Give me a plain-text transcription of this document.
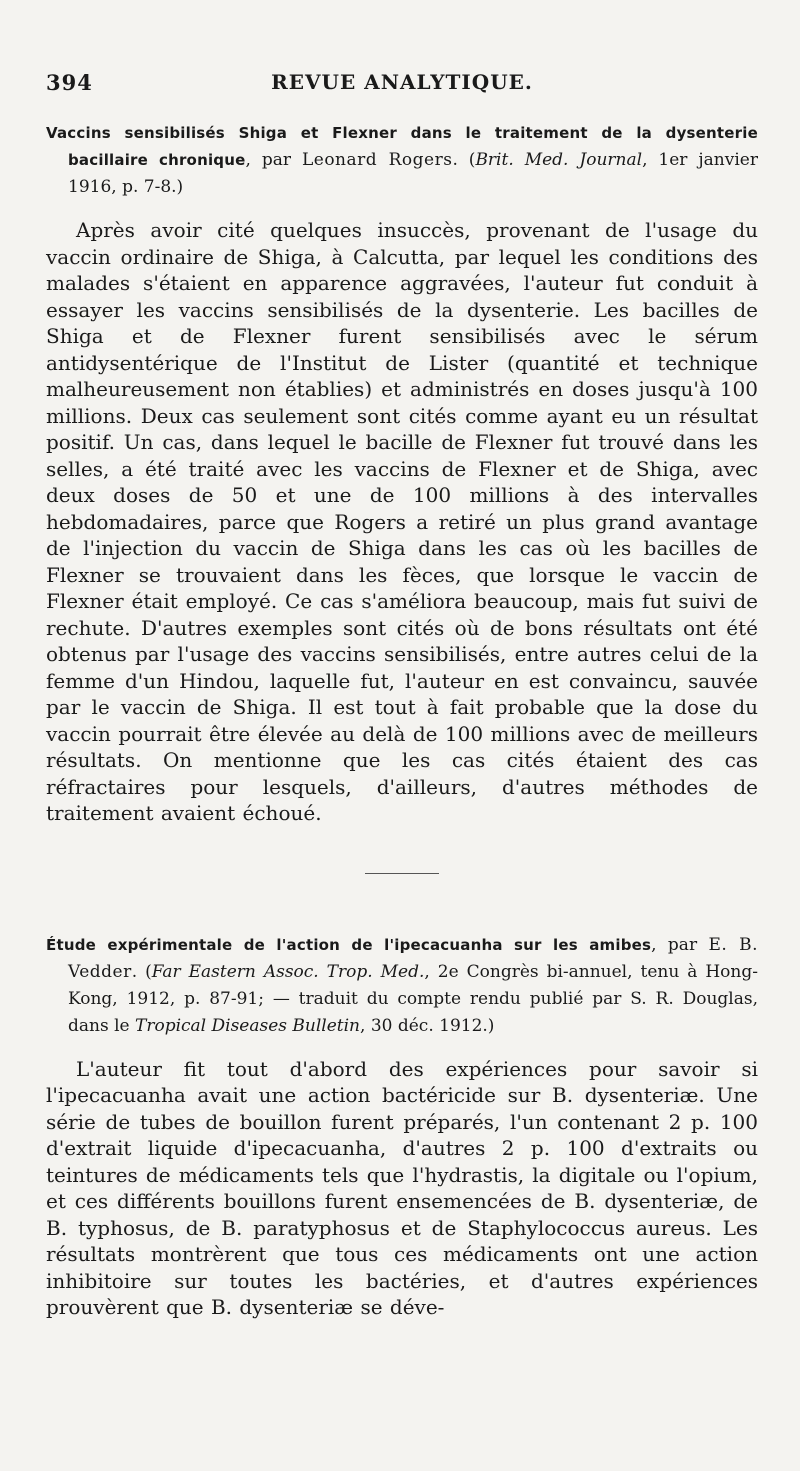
394	REVUE ANALYTIQUE.

Vaccins sensibilisés Shiga et Flexner dans le traitement de la dysenterie bacillaire chronique, par Leonard Rogers. (Brit. Med. Journal, 1er janvier 1916, p. 7-8.)

Après avoir cité quelques insuccès, provenant de l'usage du vaccin ordinaire de Shiga, à Calcutta, par lequel les conditions des malades s'étaient en apparence aggravées, l'auteur fut conduit à essayer les vaccins sensibilisés de la dysenterie. Les bacilles de Shiga et de Flexner furent sensibilisés avec le sérum antidysentérique de l'Institut de Lister (quantité et technique malheureusement non établies) et administrés en doses jusqu'à 100 millions. Deux cas seulement sont cités comme ayant eu un résultat positif. Un cas, dans lequel le bacille de Flexner fut trouvé dans les selles, a été traité avec les vaccins de Flexner et de Shiga, avec deux doses de 50 et une de 100 millions à des intervalles hebdomadaires, parce que Rogers a retiré un plus grand avantage de l'injection du vaccin de Shiga dans les cas où les bacilles de Flexner se trouvaient dans les fèces, que lorsque le vaccin de Flexner était employé. Ce cas s'améliora beaucoup, mais fut suivi de rechute. D'autres exemples sont cités où de bons résultats ont été obtenus par l'usage des vaccins sensibilisés, entre autres celui de la femme d'un Hindou, laquelle fut, l'auteur en est convaincu, sauvée par le vaccin de Shiga. Il est tout à fait probable que la dose du vaccin pourrait être élevée au delà de 100 millions avec de meilleurs résultats. On mentionne que les cas cités étaient des cas réfractaires pour lesquels, d'ailleurs, d'autres méthodes de traitement avaient échoué.

Étude expérimentale de l'action de l'ipecacuanha sur les amibes, par E. B. Vedder. (Far Eastern Assoc. Trop. Med., 2e Congrès bi-annuel, tenu à Hong-Kong, 1912, p. 87-91; — traduit du compte rendu publié par S. R. Douglas, dans le Tropical Diseases Bulletin, 30 déc. 1912.)

L'auteur fit tout d'abord des expériences pour savoir si l'ipecacuanha avait une action bactéricide sur B. dysenteriæ. Une série de tubes de bouillon furent préparés, l'un contenant 2 p. 100 d'extrait liquide d'ipecacuanha, d'autres 2 p. 100 d'extraits ou teintures de médicaments tels que l'hydrastis, la digitale ou l'opium, et ces différents bouillons furent ensemencées de B. dysenteriæ, de B. typhosus, de B. paratyphosus et de Staphylococcus aureus. Les résultats montrèrent que tous ces médicaments ont une action inhibitoire sur toutes les bactéries, et d'autres expériences prouvèrent que B. dysenteriæ se déve-
